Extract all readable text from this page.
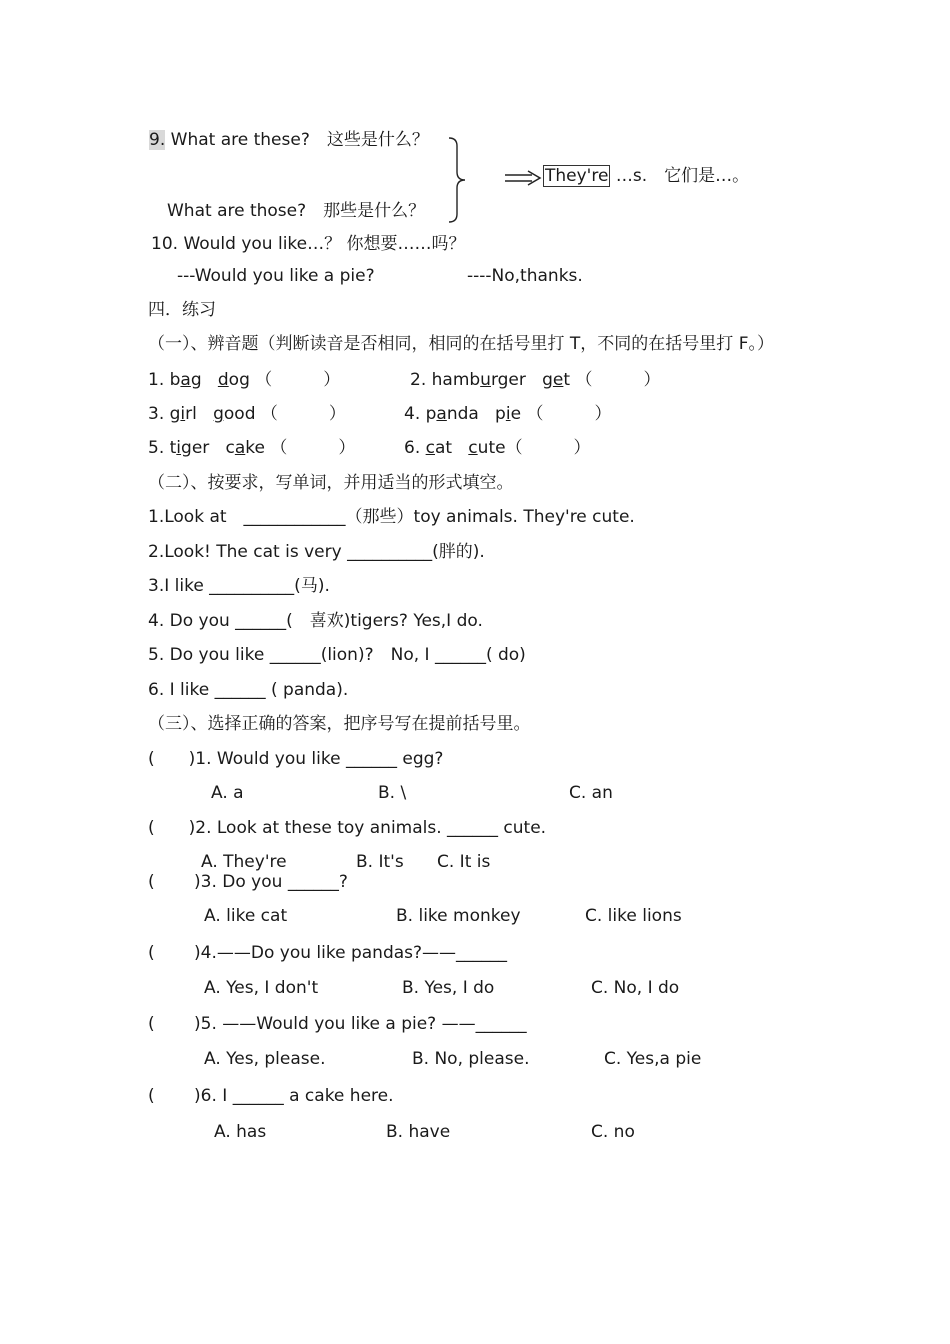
9. What are these?　这些是什么？
What are those?　那些是什么？
They're …s.　它们是…。
10. Would you like…？ 你想要……吗？
---Would you like a pie?	----No,thanks.
四．练习
（一）、辨音题（判断读音是否相同，相同的在括号里打 T，不同的在括号里打 F。）
1. bag dog （　　　）	2. hamburger get （　　　）
3. girl good （　　　）	4. panda pie （　　　）
5. tiger cake （　　　）	6. cat cute（　　　）
（二）、按要求，写单词，并用适当的形式填空。
1.Look at　____________（那些）toy animals. They're cute.
2.Look! The cat is very __________(胖的).
3.I like __________(马).
4. Do you ______(　喜欢)tigers? Yes,I do.
5. Do you like ______(lion)?　No, I ______( do)
6. I like ______ ( panda).
（三）、选择正确的答案，把序号写在提前括号里。
(　　)1. Would you like ______ egg?
A. a	B. \	C. an
(　　)2. Look at these toy animals. ______ cute.
A. They're	B. It's C. It is
(　　 )3. Do you ______?
A. like cat	B. like monkey	C. like lions
(　　 )4.——Do you like pandas?——______
A. Yes, I don't	B. Yes, I do	C. No, I do
(　　 )5. ——Would you like a pie? ——______
A. Yes, please.	B. No, please.	C. Yes,a pie
(　　 )6. I ______ a cake here.
A. has	B. have	C. no
